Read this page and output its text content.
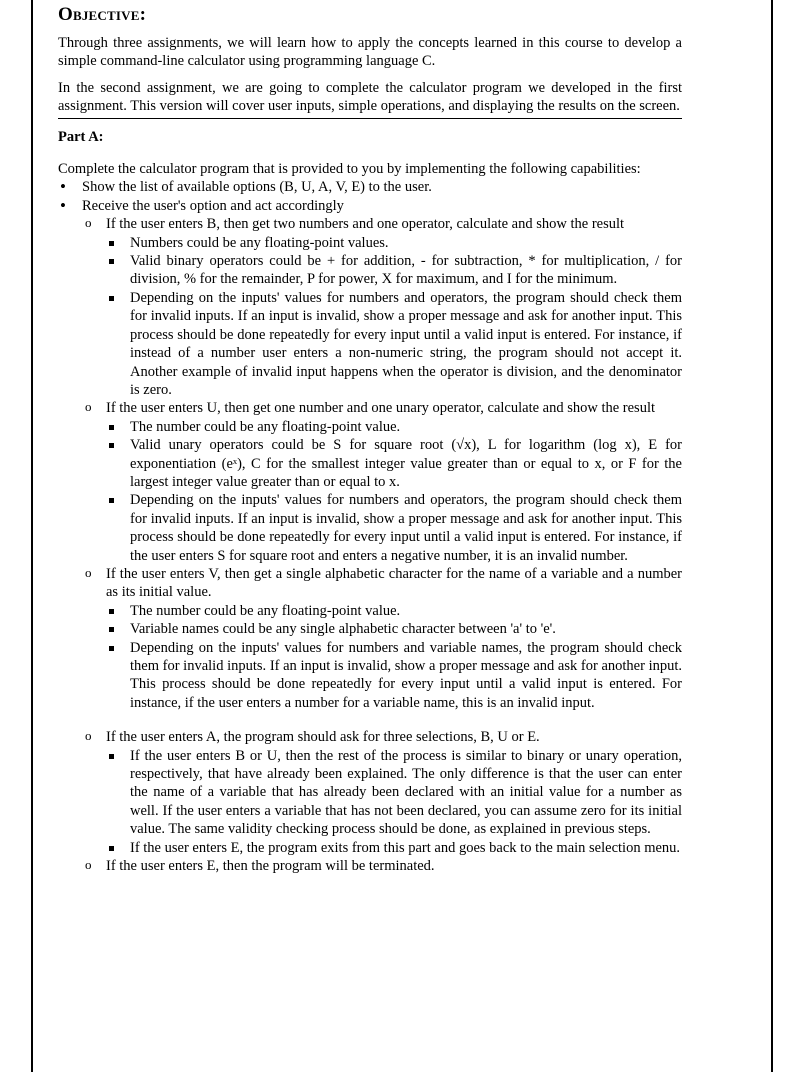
Objective:

Through three assignments, we will learn how to apply the concepts learned in this course to develop a simple command-line calculator using programming language C.

In the second assignment, we are going to complete the calculator program we developed in the first assignment. This version will cover user inputs, simple operations, and displaying the results on the screen.

Part A:

Complete the calculator program that is provided to you by implementing the following capabilities:

• Show the list of available options (B, U, A, V, E) to the user.
• Receive the user's option and act accordingly
o If the user enters B, then get two numbers and one operator, calculate and show the result
Numbers could be any floating-point values.
Valid binary operators could be + for addition, - for subtraction, * for multiplication, / for division, % for the remainder, P for power, X for maximum, and I for the minimum.
Depending on the inputs' values for numbers and operators, the program should check them for invalid inputs. If an input is invalid, show a proper message and ask for another input. This process should be done repeatedly for every input until a valid input is entered. For instance, if instead of a number user enters a non-numeric string, the program should not accept it. Another example of invalid input happens when the operator is division, and the denominator is zero.
o If the user enters U, then get one number and one unary operator, calculate and show the result
The number could be any floating-point value.
Valid unary operators could be S for square root (√x), L for logarithm (log x), E for exponentiation (eˣ), C for the smallest integer value greater than or equal to x, or F for the largest integer value greater than or equal to x.
Depending on the inputs' values for numbers and operators, the program should check them for invalid inputs. If an input is invalid, show a proper message and ask for another input. This process should be done repeatedly for every input until a valid input is entered. For instance, if the user enters S for square root and enters a negative number, it is an invalid number.
o If the user enters V, then get a single alphabetic character for the name of a variable and a number as its initial value.
The number could be any floating-point value.
Variable names could be any single alphabetic character between 'a' to 'e'.
Depending on the inputs' values for numbers and variable names, the program should check them for invalid inputs. If an input is invalid, show a proper message and ask for another input. This process should be done repeatedly for every input until a valid input is entered. For instance, if the user enters a number for a variable name, this is an invalid input.
o If the user enters A, the program should ask for three selections, B, U or E.
If the user enters B or U, then the rest of the process is similar to binary or unary operation, respectively, that have already been explained. The only difference is that the user can enter the name of a variable that has already been declared with an initial value for a number as well. If the user enters a variable that has not been declared, you can assume zero for its initial value. The same validity checking process should be done, as explained in previous steps.
If the user enters E, the program exits from this part and goes back to the main selection menu.
o If the user enters E, then the program will be terminated.
